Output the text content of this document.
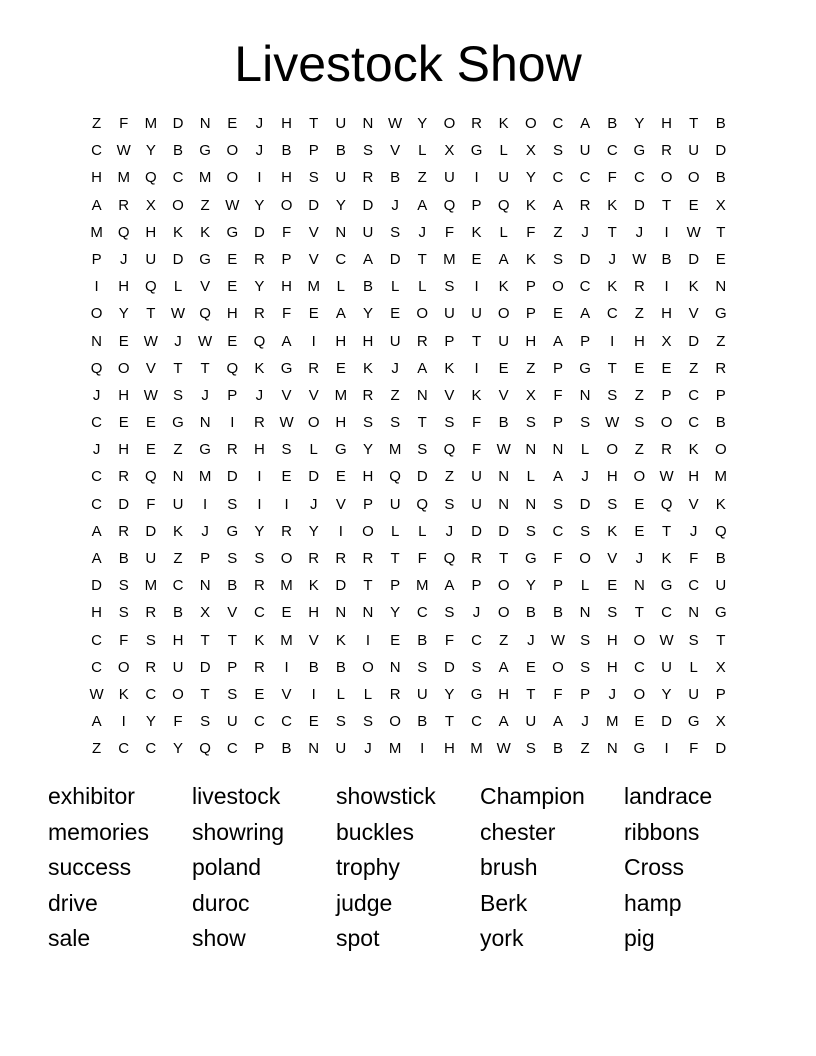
Livestock Show
Z	F	M	D	N	E	J	H	T	U	N W	Y	O	R	K	O	C	A	B	Y	H	T	B
C W	Y	B	G	O	J	B	P	B	S	V	L	X	G	L	X	S	U	C	G	R	U	D
H	M	Q	C	M	O	I	H	S	U	R	B	Z	U	I	U	Y	C	C	F	C	O	O	B
A	R	X	O	Z	W	Y	O	D	Y	D	J	A	Q	P	Q	K	A	R	K	D	T	E	X
M	Q	H	K	K	G	D	F	V	N	U	S	J	F	K	L	F	Z	J	T	J	I	W	T
P	J	U	D	G	E	R	P	V	C	A	D	T	M	E	A	K	S	D	J	W	B	D	E
I	H	Q	L	V	E	Y	H	M	L	B	L	L	S	I	K	P	O	C	K	R	I	K	N
O	Y	T	W Q	H	R	F	E	A	Y	E	O	U	U	O	P	E	A	C	Z	H	V	G
N	E	W	J	W	E	Q	A	I	H	H	U	R	P	T	U	H	A	P	I	H	X	D	Z
Q	O	V	T	T	Q	K	G	R	E	K	J	A	K	I	E	Z	P	G	T	E	E	Z	R
J	H W	S	J	P	J	V	V	M	R	Z	N	V	K	V	X	F	N	S	Z	P	C	P
C	E	E	G	N	I	R W O	H	S	S	T	S	F	B	S	P	S	W	S	O	C	B
J	H	E	Z	G	R	H	S	L	G	Y	M	S	Q	F	W N	N	L	O	Z	R	K	O
C	R	Q	N	M	D	I	E	D	E	H	Q	D	Z	U	N	L	A	J	H	O W H	M
C	D	F	U	I	S	I	I	J	V	P	U	Q	S	U	N	N	S	D	S	E	Q	V	K
A	R	D	K	J	G	Y	R	Y	I	O	L	L	J	D	D	S	C	S	K	E	T	J	Q
A	B	U	Z	P	S	S	O	R	R	R	T	F	Q	R	T	G	F	O	V	J	K	F	B
D	S	M	C	N	B	R	M	K	D	T	P	M	A	P	O	Y	P	L	E	N	G	C	U
H	S	R	B	X	V	C	E	H	N	N	Y	C	S	J	O	B	B	N	S	T	C	N	G
C	F	S	H	T	T	K	M	V	K	I	E	B	F	C	Z	J	W	S	H	O W	S	T
C	O	R	U	D	P	R	I	B	B	O	N	S	D	S	A	E	O	S	H	C	U	L	X
W	K	C	O	T	S	E	V	I	L	L	R	U	Y	G	H	T	F	P	J	O	Y	U	P
A	I	Y	F	S	U	C	C	E	S	S	O	B	T	C	A	U	A	J	M	E	D	G	X
Z	C	C	Y	Q	C	P	B	N	U	J	M	I	H	M W	S	B	Z	N	G	I	F	D
exhibitor	livestock	showstick	Champion	landrace
memories	showring	buckles	chester	ribbons
success	poland	trophy	brush	Cross
drive	duroc	judge	Berk	hamp
sale	show	spot	york	pig
